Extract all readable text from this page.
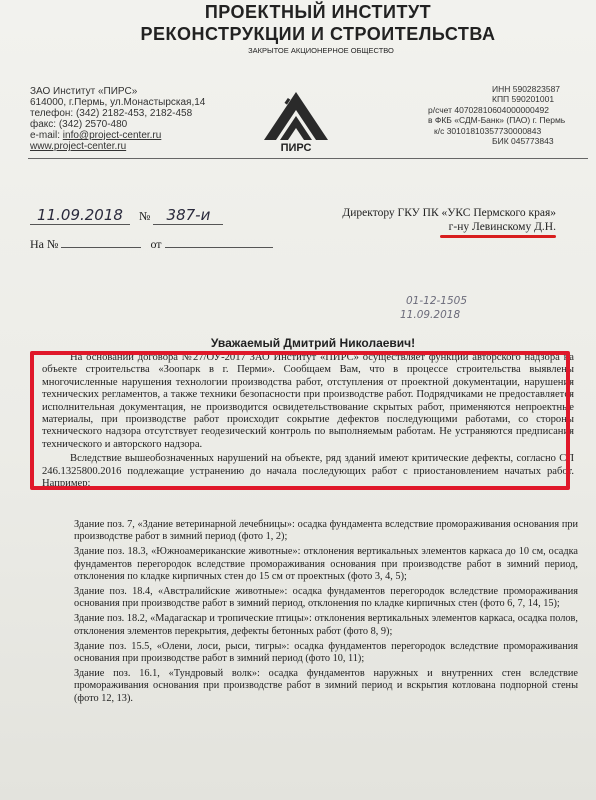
ПРОЕКТНЫЙ ИНСТИТУТ
РЕКОНСТРУКЦИИ И СТРОИТЕЛЬСТВА
ЗАКРЫТОЕ АКЦИОНЕРНОЕ ОБЩЕСТВО
ЗАО Институт «ПИРС»
614000, г.Пермь, ул.Монастырская,14
телефон: (342) 2182-453, 2182-458
факс: (342) 2570-480
e-mail: info@project-center.ru
www.project-center.ru	ПИРС
ИНН 5902823587
КПП 590201001
р/счет 40702810604000000492
в ФКБ «СДМ-Банк» (ПАО) г. Пермь
к/с 30101810357730000843
БИК 045773843
11.09.2018 № 387-и
На №	от
Директору ГКУ ПК «УКС Пермского края»
г-ну Левинскому Д.Н.
01-12-1505
11.09.2018
Уважаемый Дмитрий Николаевич!

На основании договора №27/ОУ-2017 ЗАО Институт «ПИРС» осуществляет функции авторского надзора на объекте строительства «Зоопарк в г. Перми». Сообщаем Вам, что в процессе строительства выявлены многочисленные нарушения технологии производства работ, отступления от проектной документации, нарушения технических регламентов, а также техники безопасности при производстве работ. Подрядчиками не предоставляется исполнительная документация, не производится освидетельствование скрытых работ, применяются непроектные материалы, при производстве работ происходит сокрытие дефектов последующими работами, со стороны технического надзора отсутствует геодезический контроль по выполняемым работам. Не устраняются предписания технического и авторского надзора.

Вследствие вышеобозначенных нарушений на объекте, ряд зданий имеют критические дефекты, согласно СП 246.1325800.2016 подлежащие устранению до начала последующих работ с приостановлением начатых работ. Например:

Здание поз. 7, «Здание ветеринарной лечебницы»: осадка фундамента вследствие промораживания основания при производстве работ в зимний период (фото 1, 2);
Здание поз. 18.3, «Южноамериканские животные»: отклонения вертикальных элементов каркаса до 10 см, осадка фундаментов перегородок вследствие промораживания основания при производстве работ в зимний период, отклонения по кладке кирпичных стен до 15 см от проектных (фото 3, 4, 5);
Здание поз. 18.4, «Австралийские животные»: осадка фундаментов перегородок вследствие промораживания основания при производстве работ в зимний период, отклонения по кладке кирпичных стен (фото 6, 7, 14, 15);
Здание поз. 18.2, «Мадагаскар и тропические птицы»: отклонения вертикальных элементов каркаса, осадка полов, отклонения элементов перекрытия, дефекты бетонных работ (фото 8, 9);
Здание поз. 15.5, «Олени, лоси, рыси, тигры»: осадка фундаментов перегородок вследствие промораживания основания при производстве работ в зимний период (фото 10, 11);
Здание поз. 16.1, «Тундровый волк»: осадка фундаментов наружных и внутренних стен вследствие промораживания основания при производстве работ в зимний период и вскрытия котлована подпорной стены (фото 12, 13).
